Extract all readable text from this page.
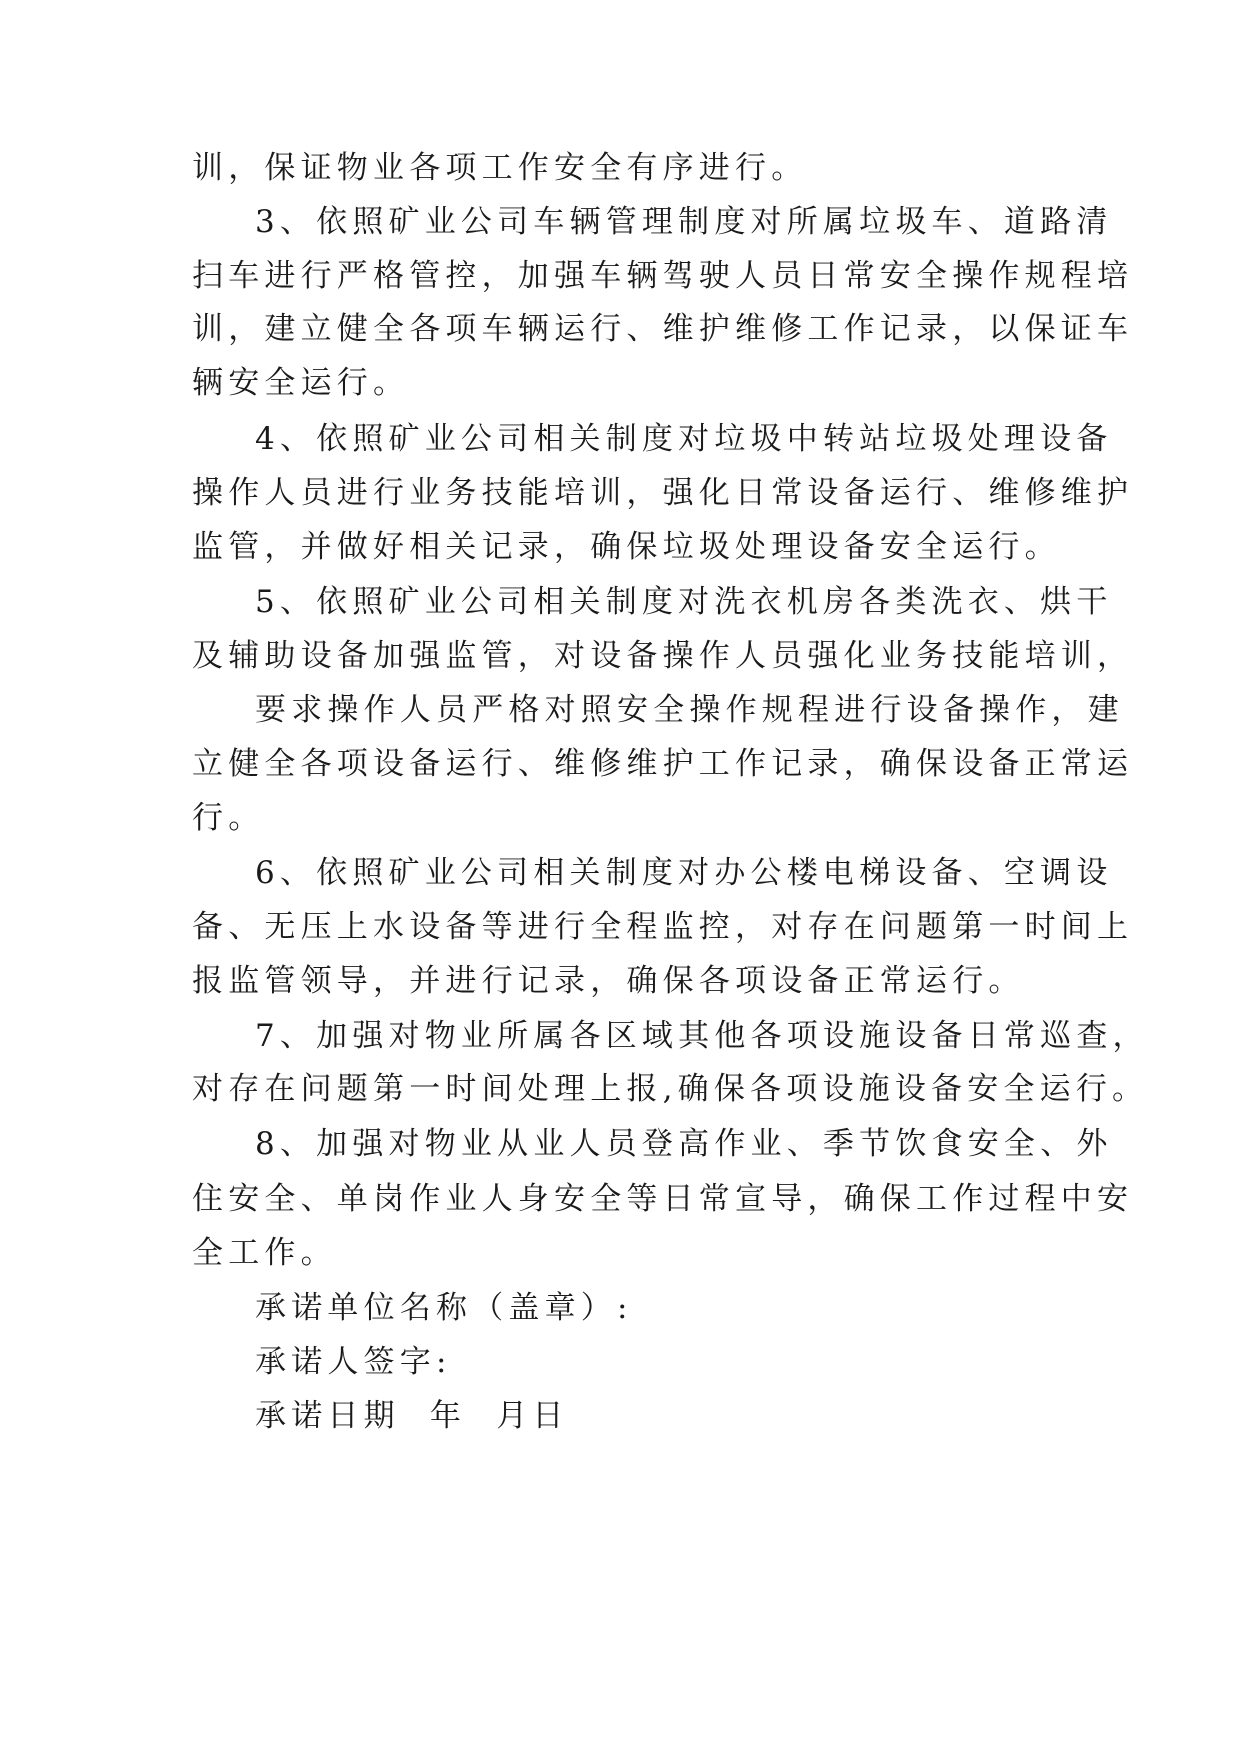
训，保证物业各项工作安全有序进行。
3、依照矿业公司车辆管理制度对所属垃圾车、道路清
扫车进行严格管控，加强车辆驾驶人员日常安全操作规程培
训，建立健全各项车辆运行、维护维修工作记录，以保证车
辆安全运行。
4、依照矿业公司相关制度对垃圾中转站垃圾处理设备
操作人员进行业务技能培训，强化日常设备运行、维修维护
监管，并做好相关记录，确保垃圾处理设备安全运行。
5、依照矿业公司相关制度对洗衣机房各类洗衣、烘干
及辅助设备加强监管，对设备操作人员强化业务技能培训，
要求操作人员严格对照安全操作规程进行设备操作，建
立健全各项设备运行、维修维护工作记录，确保设备正常运
行。
6、依照矿业公司相关制度对办公楼电梯设备、空调设
备、无压上水设备等进行全程监控，对存在问题第一时间上
报监管领导，并进行记录，确保各项设备正常运行。
7、加强对物业所属各区域其他各项设施设备日常巡查，
对存在问题第一时间处理上报,确保各项设施设备安全运行。
8、加强对物业从业人员登高作业、季节饮食安全、外
住安全、单岗作业人身安全等日常宣导，确保工作过程中安
全工作。
承诺单位名称（盖章）:
承诺人签字:
承诺日期  年  月日
